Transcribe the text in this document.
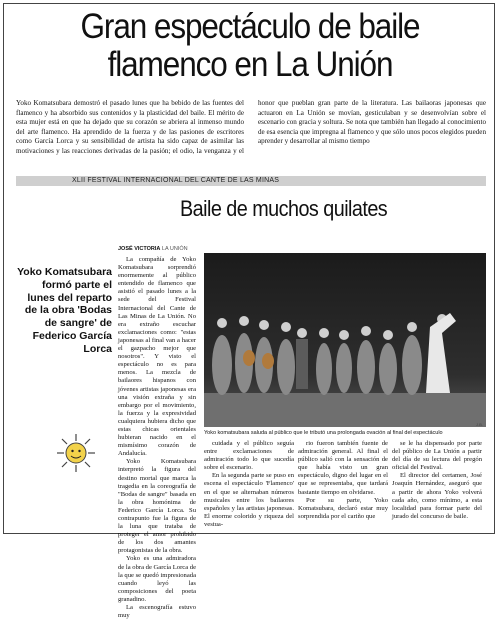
Gran espectáculo de baile
flamenco en La Unión
Yoko Komatsubara demostró el pasado lunes que ha bebido de las fuentes del flamenco y ha absorbido sus contenidos y la plasticidad del baile. El mérito de esta mujer está en que ha dejado que su corazón se abriera al inmenso mundo del arte flamenco. Ha aprendido de la fuerza y de las pasiones de escritores como García Lorca y su sensibilidad de artista ha sido capaz de asimilar las motivaciones y las reacciones derivadas de la pasión; el odio, la venganza y el honor que pueblan gran parte de la literatura. Las bailaoras japonesas que actuaron en La Unión se movían, gesticulaban y se desenvolvían sobre el escenario con gracia y soltura. Se nota que también han llegado al conocimiento de esa esencia que impregna al flamenco y que sólo unos pocos elegidos pueden aprender y desarrollar al mismo tiempo
XLII FESTIVAL INTERNACIONAL DEL CANTE DE LAS MINAS
Baile de muchos quilates
JOSÉ VICTORIA LA UNIÓN
Yoko Komatsubara formó parte el lunes del reparto de la obra 'Bodas de sangre' de Federico García Lorca

La compañía de Yoko Komatsubara sorprendió enormemente al público entendido de flamenco que asistió el pasado lunes a la sede del Festival Internacional del Cante de Las Minas de La Unión. No era extraño escuchar exclamaciones como: "estas japonesas al final van a hacer el gazpacho mejor que nosotros". Y visto el espectáculo no es para menos. La mezcla de bailaores hispanos con jóvenes artistas japonesas era una visión extraña y sin embargo por el movimiento, la fuerza y la expresividad cualquiera hubiera dicho que estas chicas orientales hubieran nacido en el mismísimo corazón de Andalucía.

Yoko Komatsubara interpretó la figura del destino mortal que marca la tragedia en la coreografía de "Bodas de sangre" basada en la obra homónima de Federico García Lorca. Su contrapunto fue la figura de la luna que trataba de proteger el amor prohibido de los dos amantes protagonistas de la obra.

Yoko es una admiradora de la obra de García Lorca de la que se quedó impresionada cuando leyó las composiciones del poeta granadino.

La escenografía estuvo muy

J.B.
Yoko komatsubara saluda al público que le tributó una prolongada ovación al final del espectáculo

cuidada y el público seguía entre exclamaciones de admiración todo lo que sucedía sobre el escenario.

En la segunda parte se puso en escena el espectáculo 'Flamenco' en el que se alternaban números musicales entre los bailaores españoles y las artistas japonesas. El enorme colorido y riqueza del vestua-

rio fueron también fuente de admiración general. Al final el público salió con la sensación de que había visto un gran espectáculo, digno del lugar en el que se representaba, que tardará bastante tiempo en olvidarse.

Por su parte, Yoko Komatsubara, declaró estar muy sorprendida por el cariño que

se le ha dispensado por parte del público de La Unión a partir del día de su lectura del pregón oficial del Festival.

El director del certamen, José Joaquín Hernández, aseguró que a partir de ahora Yoko volverá cada año, como mínimo, a esta localidad para formar parte del jurado del concurso de baile.
